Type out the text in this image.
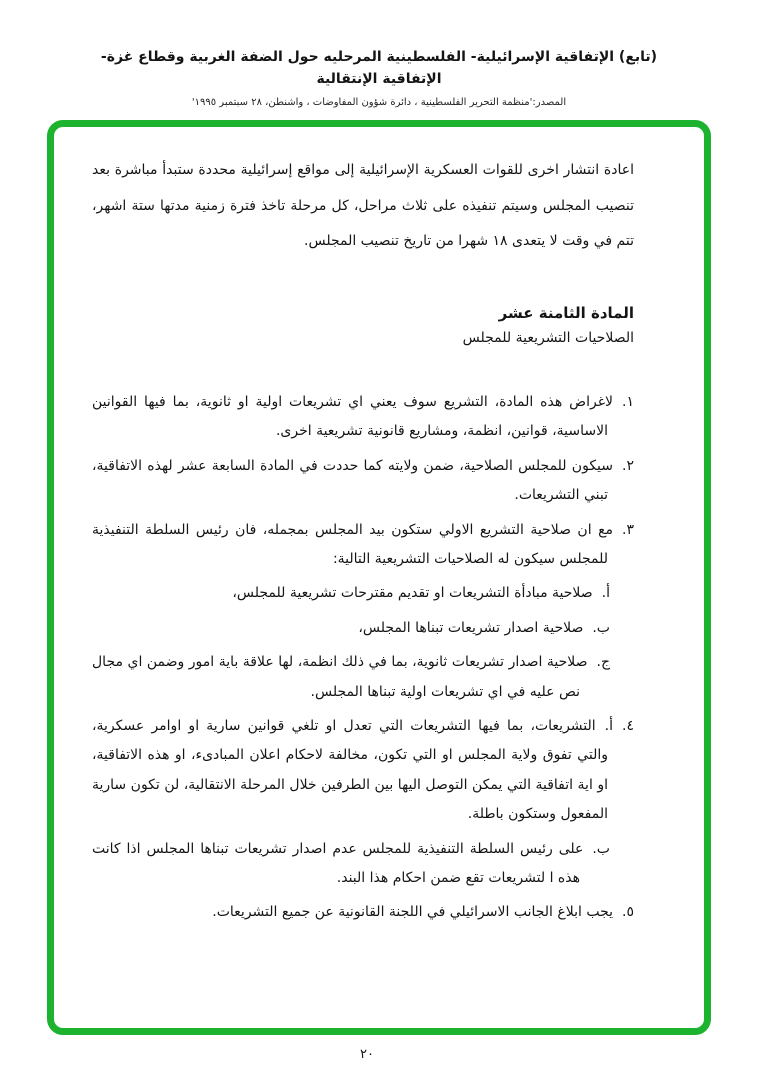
(تابع) الإتفاقية الإسرائيلية- الفلسطينية المرحليه حول الضفة الغربية وقطاع غزة- الإتفاقية الإنتقالية
المصدر:'منظمة التحرير الفلسطينية ، دائرة شؤون المفاوضات ، واشنطن، ٢٨ سبتمبر ١٩٩٥'

اعادة انتشار اخرى للقوات العسكرية الإسرائيلية إلى مواقع إسرائيلية محددة ستبدأ مباشرة بعد تنصيب المجلس وسيتم تنفيذه على ثلاث مراحل، كل مرحلة تاخذ فترة زمنية مدتها ستة اشهر، تتم في وقت لا يتعدى ١٨ شهرا من تاريخ تنصيب المجلس.

المادة الثامنة عشر
الصلاحيات التشريعية للمجلس
١.لاغراض هذه المادة، التشريع سوف يعني اي تشريعات اولية او ثانوية، بما فيها القوانين الاساسية، قوانين، انظمة، ومشاريع قانونية تشريعية اخرى.
٢.سيكون للمجلس الصلاحية، ضمن ولايته كما حددت في المادة السابعة عشر لهذه الاتفاقية، تبني التشريعات.
٣.مع ان صلاحية التشريع الاولي ستكون بيد المجلس بمجمله، فان رئيس السلطة التنفيذية للمجلس سيكون له الصلاحيات التشريعية التالية:
أ.صلاحية مبادأة التشريعات او تقديم مقترحات تشريعية للمجلس،
ب.صلاحية اصدار تشريعات تبناها المجلس،
ج.صلاحية اصدار تشريعات ثانوية، بما في ذلك انظمة، لها علاقة باية امور وضمن اي مجال نص عليه في اي تشريعات اولية تبناها المجلس.
٤.أ.التشريعات، بما فيها التشريعات التي تعدل او تلغي قوانين سارية او اوامر عسكرية، والتي تفوق ولاية المجلس او التي تكون، مخالفة لاحكام اعلان المبادىء، او هذه الاتفاقية، او اية اتفاقية التي يمكن التوصل اليها بين الطرفين خلال المرحلة الانتقالية، لن تكون سارية المفعول وستكون باطلة.
ب.على رئيس السلطة التنفيذية للمجلس عدم اصدار تشريعات تبناها المجلس اذا كانت هذه ا لتشريعات تقع ضمن احكام هذا البند.
٥.يجب ابلاغ الجانب الاسرائيلي في اللجنة القانونية عن جميع التشريعات.
٢٠
